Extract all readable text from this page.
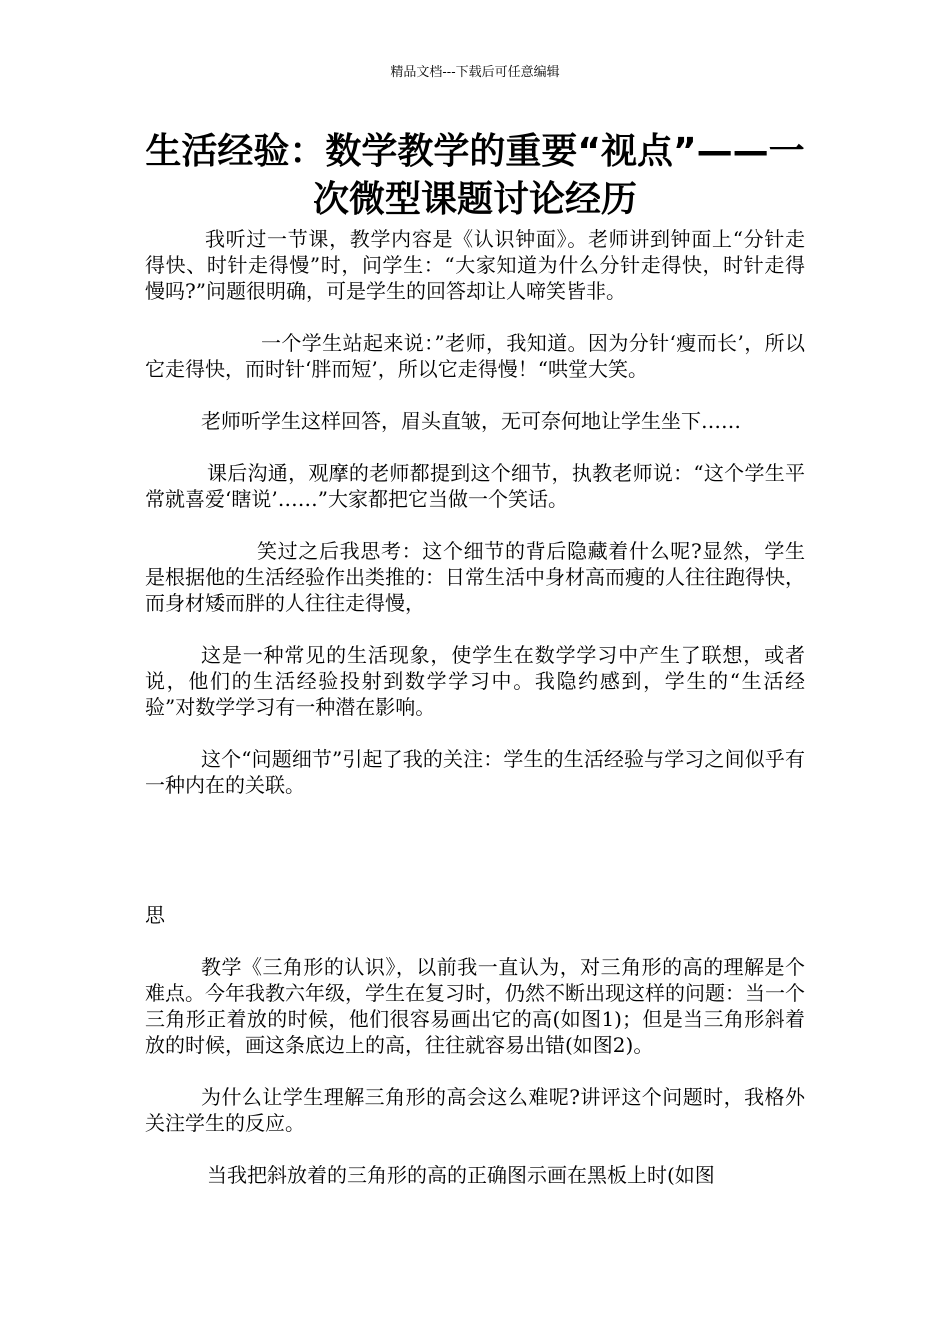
精品文档---下载后可任意编辑
生活经验：数学教学的重要“视点”——一次微型课题讨论经历

我听过一节课，教学内容是《认识钟面》。老师讲到钟面上“分针走得快、时针走得慢”时，问学生：“大家知道为什么分针走得快，时针走得慢吗?”问题很明确，可是学生的回答却让人啼笑皆非。

一个学生站起来说：”老师，我知道。因为分针‘瘦而长’，所以它走得快，而时针‘胖而短’，所以它走得慢！“哄堂大笑。

老师听学生这样回答，眉头直皱，无可奈何地让学生坐下……

课后沟通，观摩的老师都提到这个细节，执教老师说：“这个学生平常就喜爱‘瞎说’……”大家都把它当做一个笑话。

笑过之后我思考：这个细节的背后隐藏着什么呢?显然，学生是根据他的生活经验作出类推的：日常生活中身材高而瘦的人往往跑得快，而身材矮而胖的人往往走得慢，

这是一种常见的生活现象，使学生在数学学习中产生了联想，或者说，他们的生活经验投射到数学学习中。我隐约感到，学生的“生活经验”对数学学习有一种潜在影响。

这个“问题细节”引起了我的关注：学生的生活经验与学习之间似乎有一种内在的关联。

思

教学《三角形的认识》，以前我一直认为，对三角形的高的理解是个难点。今年我教六年级，学生在复习时，仍然不断出现这样的问题：当一个三角形正着放的时候，他们很容易画出它的高(如图1)；但是当三角形斜着放的时候，画这条底边上的高，往往就容易出错(如图2)。

为什么让学生理解三角形的高会这么难呢?讲评这个问题时，我格外关注学生的反应。

当我把斜放着的三角形的高的正确图示画在黑板上时(如图
